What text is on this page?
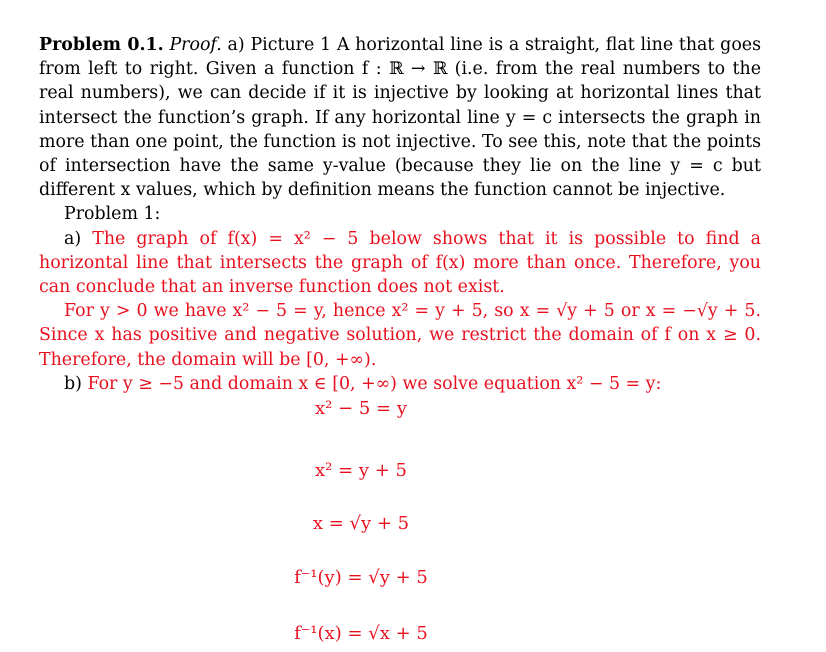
Problem 0.1. Proof. a) Picture 1 A horizontal line is a straight, flat line that goes from left to right. Given a function f : ℝ → ℝ (i.e. from the real numbers to the real numbers), we can decide if it is injective by looking at horizontal lines that intersect the function’s graph. If any horizontal line y = c intersects the graph in more than one point, the function is not injective. To see this, note that the points of intersection have the same y-value (because they lie on the line y = c but different x values, which by definition means the function cannot be injective.

Problem 1:

a) The graph of f(x) = x² − 5 below shows that it is possible to find a horizontal line that intersects the graph of f(x) more than once. Therefore, you can conclude that an inverse function does not exist.

For y > 0 we have x² − 5 = y, hence x² = y + 5, so x = √y + 5 or x = −√y + 5. Since x has positive and negative solution, we restrict the domain of f on x ≥ 0. Therefore, the domain will be [0, +∞).

b) For y ≥ −5 and domain x ∈ [0, +∞) we solve equation x² − 5 = y:

x² − 5 = y
x² = y + 5
x = √y + 5
f⁻¹(y) = √y + 5
f⁻¹(x) = √x + 5
